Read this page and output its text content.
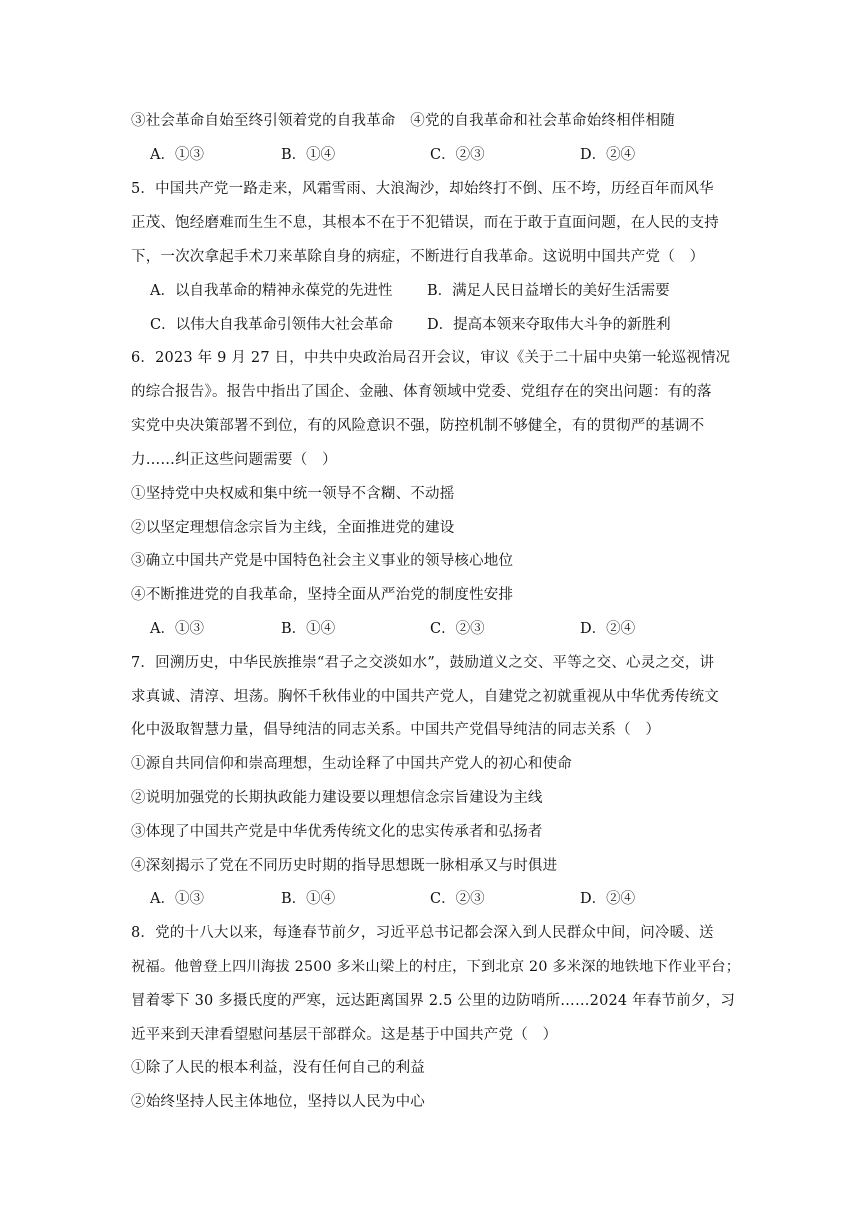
③社会革命自始至终引领着党的自我革命　④党的自我革命和社会革命始终相伴相随
A．①③	B．①④	C．②③	D．②④
5．中国共产党一路走来，风霜雪雨、大浪淘沙，却始终打不倒、压不垮，历经百年而风华
正茂、饱经磨难而生生不息，其根本不在于不犯错误，而在于敢于直面问题，在人民的支持
下，一次次拿起手术刀来革除自身的病症，不断进行自我革命。这说明中国共产党（　）
A．以自我革命的精神永葆党的先进性 B．满足人民日益增长的美好生活需要
C．以伟大自我革命引领伟大社会革命 D．提高本领来夺取伟大斗争的新胜利
6．2023 年 9 月 27 日，中共中央政治局召开会议，审议《关于二十届中央第一轮巡视情况
的综合报告》。报告中指出了国企、金融、体育领域中党委、党组存在的突出问题：有的落
实党中央决策部署不到位，有的风险意识不强，防控机制不够健全，有的贯彻严的基调不
力……纠正这些问题需要（　）
①坚持党中央权威和集中统一领导不含糊、不动摇
②以坚定理想信念宗旨为主线，全面推进党的建设
③确立中国共产党是中国特色社会主义事业的领导核心地位
④不断推进党的自我革命，坚持全面从严治党的制度性安排
A．①③	B．①④	C．②③	D．②④
7．回溯历史，中华民族推崇“君子之交淡如水”，鼓励道义之交、平等之交、心灵之交，讲
求真诚、清淳、坦荡。胸怀千秋伟业的中国共产党人，自建党之初就重视从中华优秀传统文
化中汲取智慧力量，倡导纯洁的同志关系。中国共产党倡导纯洁的同志关系（　）
①源自共同信仰和崇高理想，生动诠释了中国共产党人的初心和使命
②说明加强党的长期执政能力建设要以理想信念宗旨建设为主线
③体现了中国共产党是中华优秀传统文化的忠实传承者和弘扬者
④深刻揭示了党在不同历史时期的指导思想既一脉相承又与时俱进
A．①③	B．①④	C．②③	D．②④
8．党的十八大以来，每逢春节前夕，习近平总书记都会深入到人民群众中间，问冷暖、送
祝福。他曾登上四川海拔 2500 多米山梁上的村庄，下到北京 20 多米深的地铁地下作业平台；
冒着零下 30 多摄氏度的严寒，远达距离国界 2.5 公里的边防哨所……2024 年春节前夕，习
近平来到天津看望慰问基层干部群众。这是基于中国共产党（　）
①除了人民的根本利益，没有任何自己的利益
②始终坚持人民主体地位，坚持以人民为中心
